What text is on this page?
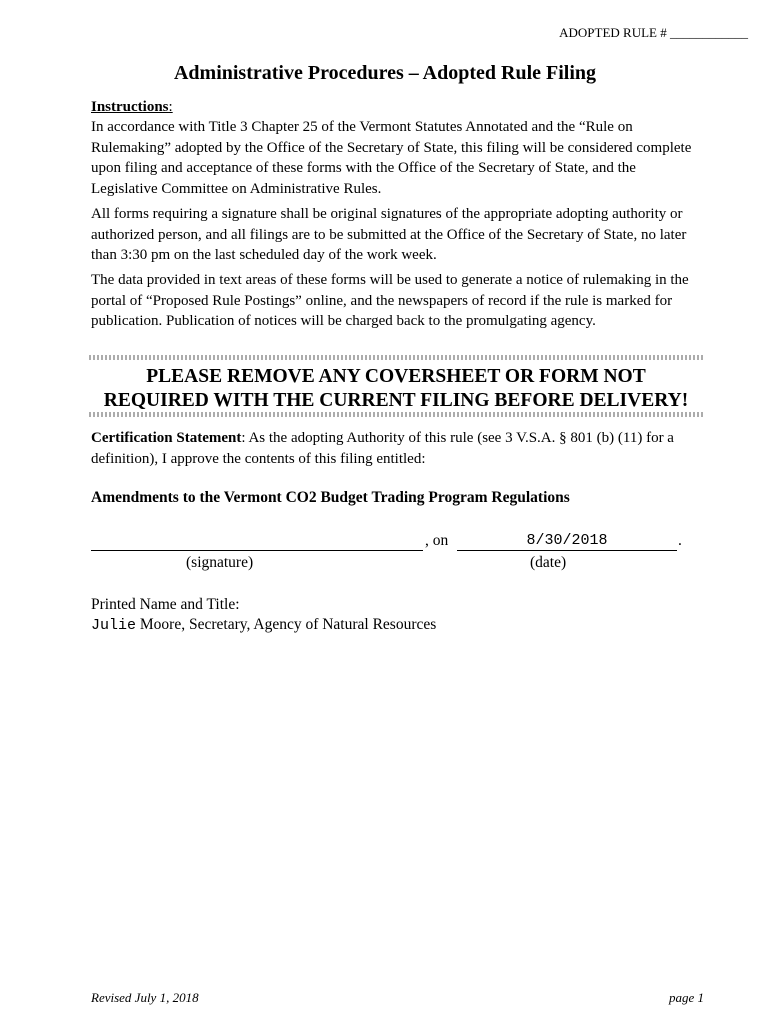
ADOPTED RULE # ____________
Administrative Procedures – Adopted Rule Filing
Instructions:
In accordance with Title 3 Chapter 25 of the Vermont Statutes Annotated and the “Rule on Rulemaking” adopted by the Office of the Secretary of State, this filing will be considered complete upon filing and acceptance of these forms with the Office of the Secretary of State, and the Legislative Committee on Administrative Rules.
All forms requiring a signature shall be original signatures of the appropriate adopting authority or authorized person, and all filings are to be submitted at the Office of the Secretary of State, no later than 3:30 pm on the last scheduled day of the work week.
The data provided in text areas of these forms will be used to generate a notice of rulemaking in the portal of “Proposed Rule Postings” online, and the newspapers of record if the rule is marked for publication. Publication of notices will be charged back to the promulgating agency.
PLEASE REMOVE ANY COVERSHEET OR FORM NOT
REQUIRED WITH THE CURRENT FILING BEFORE DELIVERY!
Certification Statement: As the adopting Authority of this rule (see 3 V.S.A. § 801 (b) (11) for a definition), I approve the contents of this filing entitled:
Amendments to the Vermont CO2 Budget Trading Program Regulations
, on	8/30/2018	.
(signature)	(date)
Printed Name and Title:
Julie Moore, Secretary, Agency of Natural Resources
Revised July 1, 2018	page 1
